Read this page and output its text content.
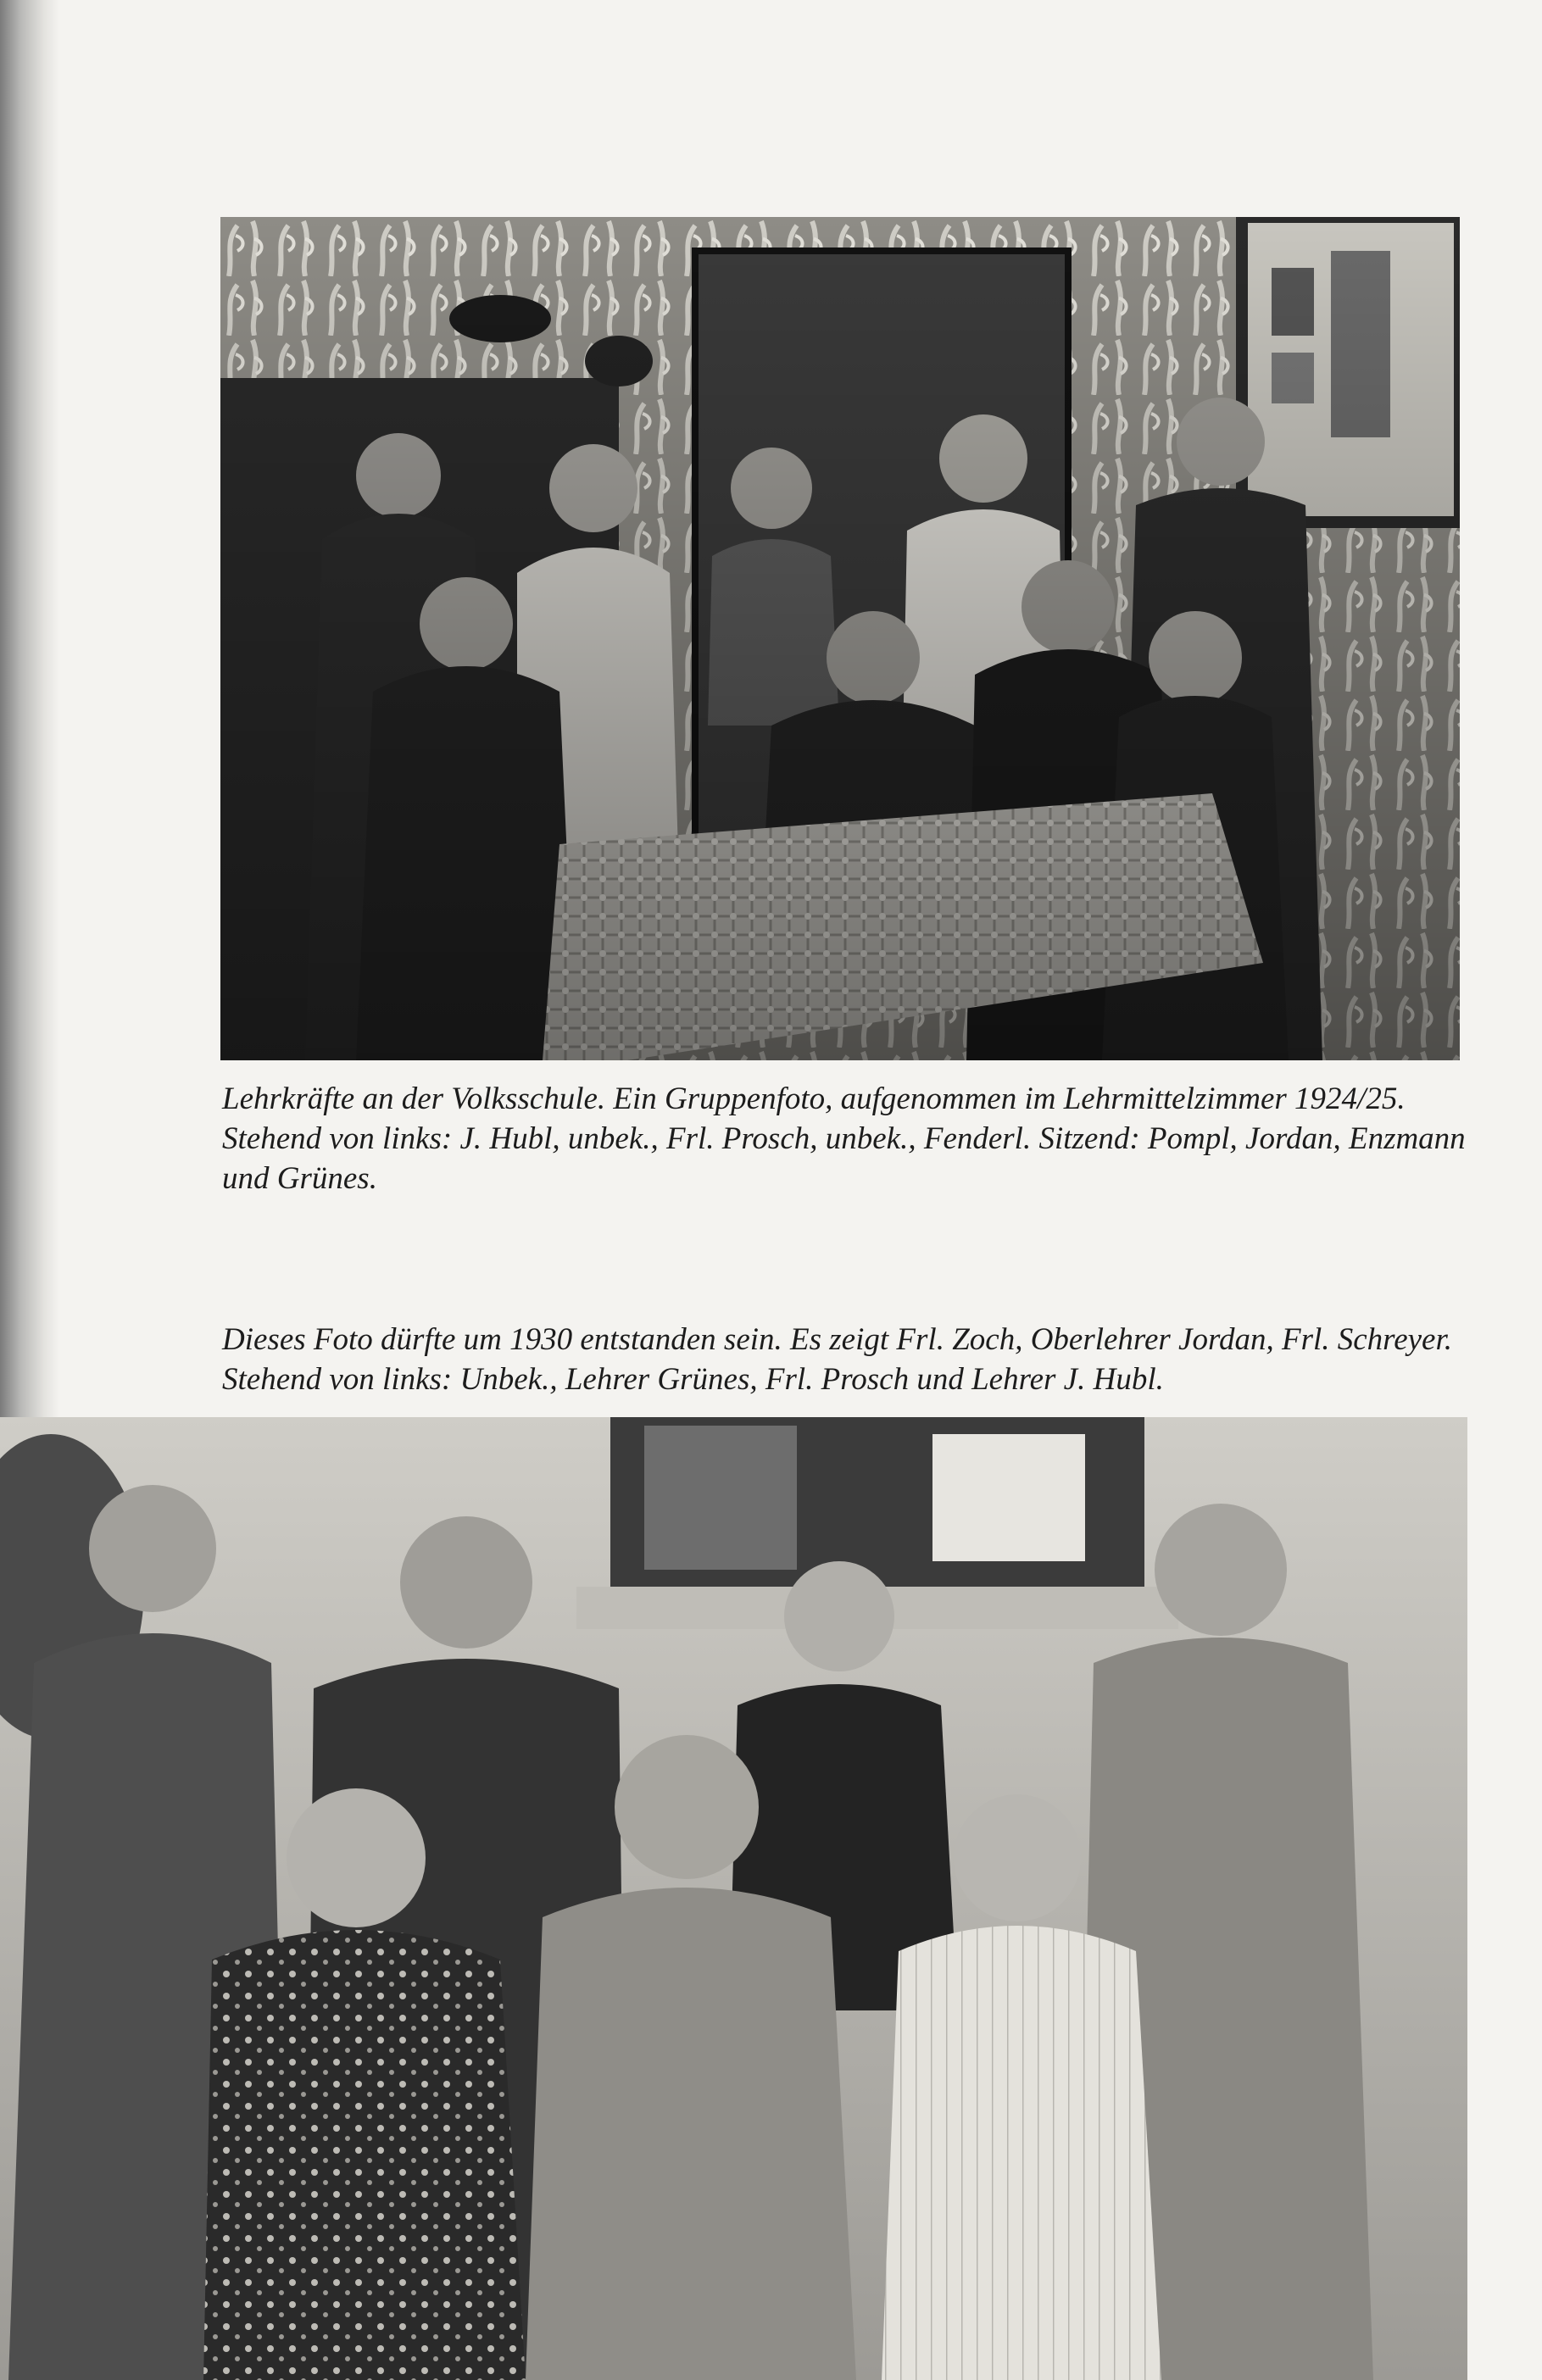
Lehrkräfte an der Volksschule. Ein Gruppenfoto, aufgenommen im Lehrmittelzimmer 1924/25.
Stehend von links: J. Hubl, unbek., Frl. Prosch, unbek., Fenderl. Sitzend: Pompl, Jordan, Enzmann
und Grünes.
Dieses Foto dürfte um 1930 entstanden sein. Es zeigt Frl. Zoch, Oberlehrer Jordan, Frl. Schreyer.
Stehend von links: Unbek., Lehrer Grünes, Frl. Prosch und Lehrer J. Hubl.
